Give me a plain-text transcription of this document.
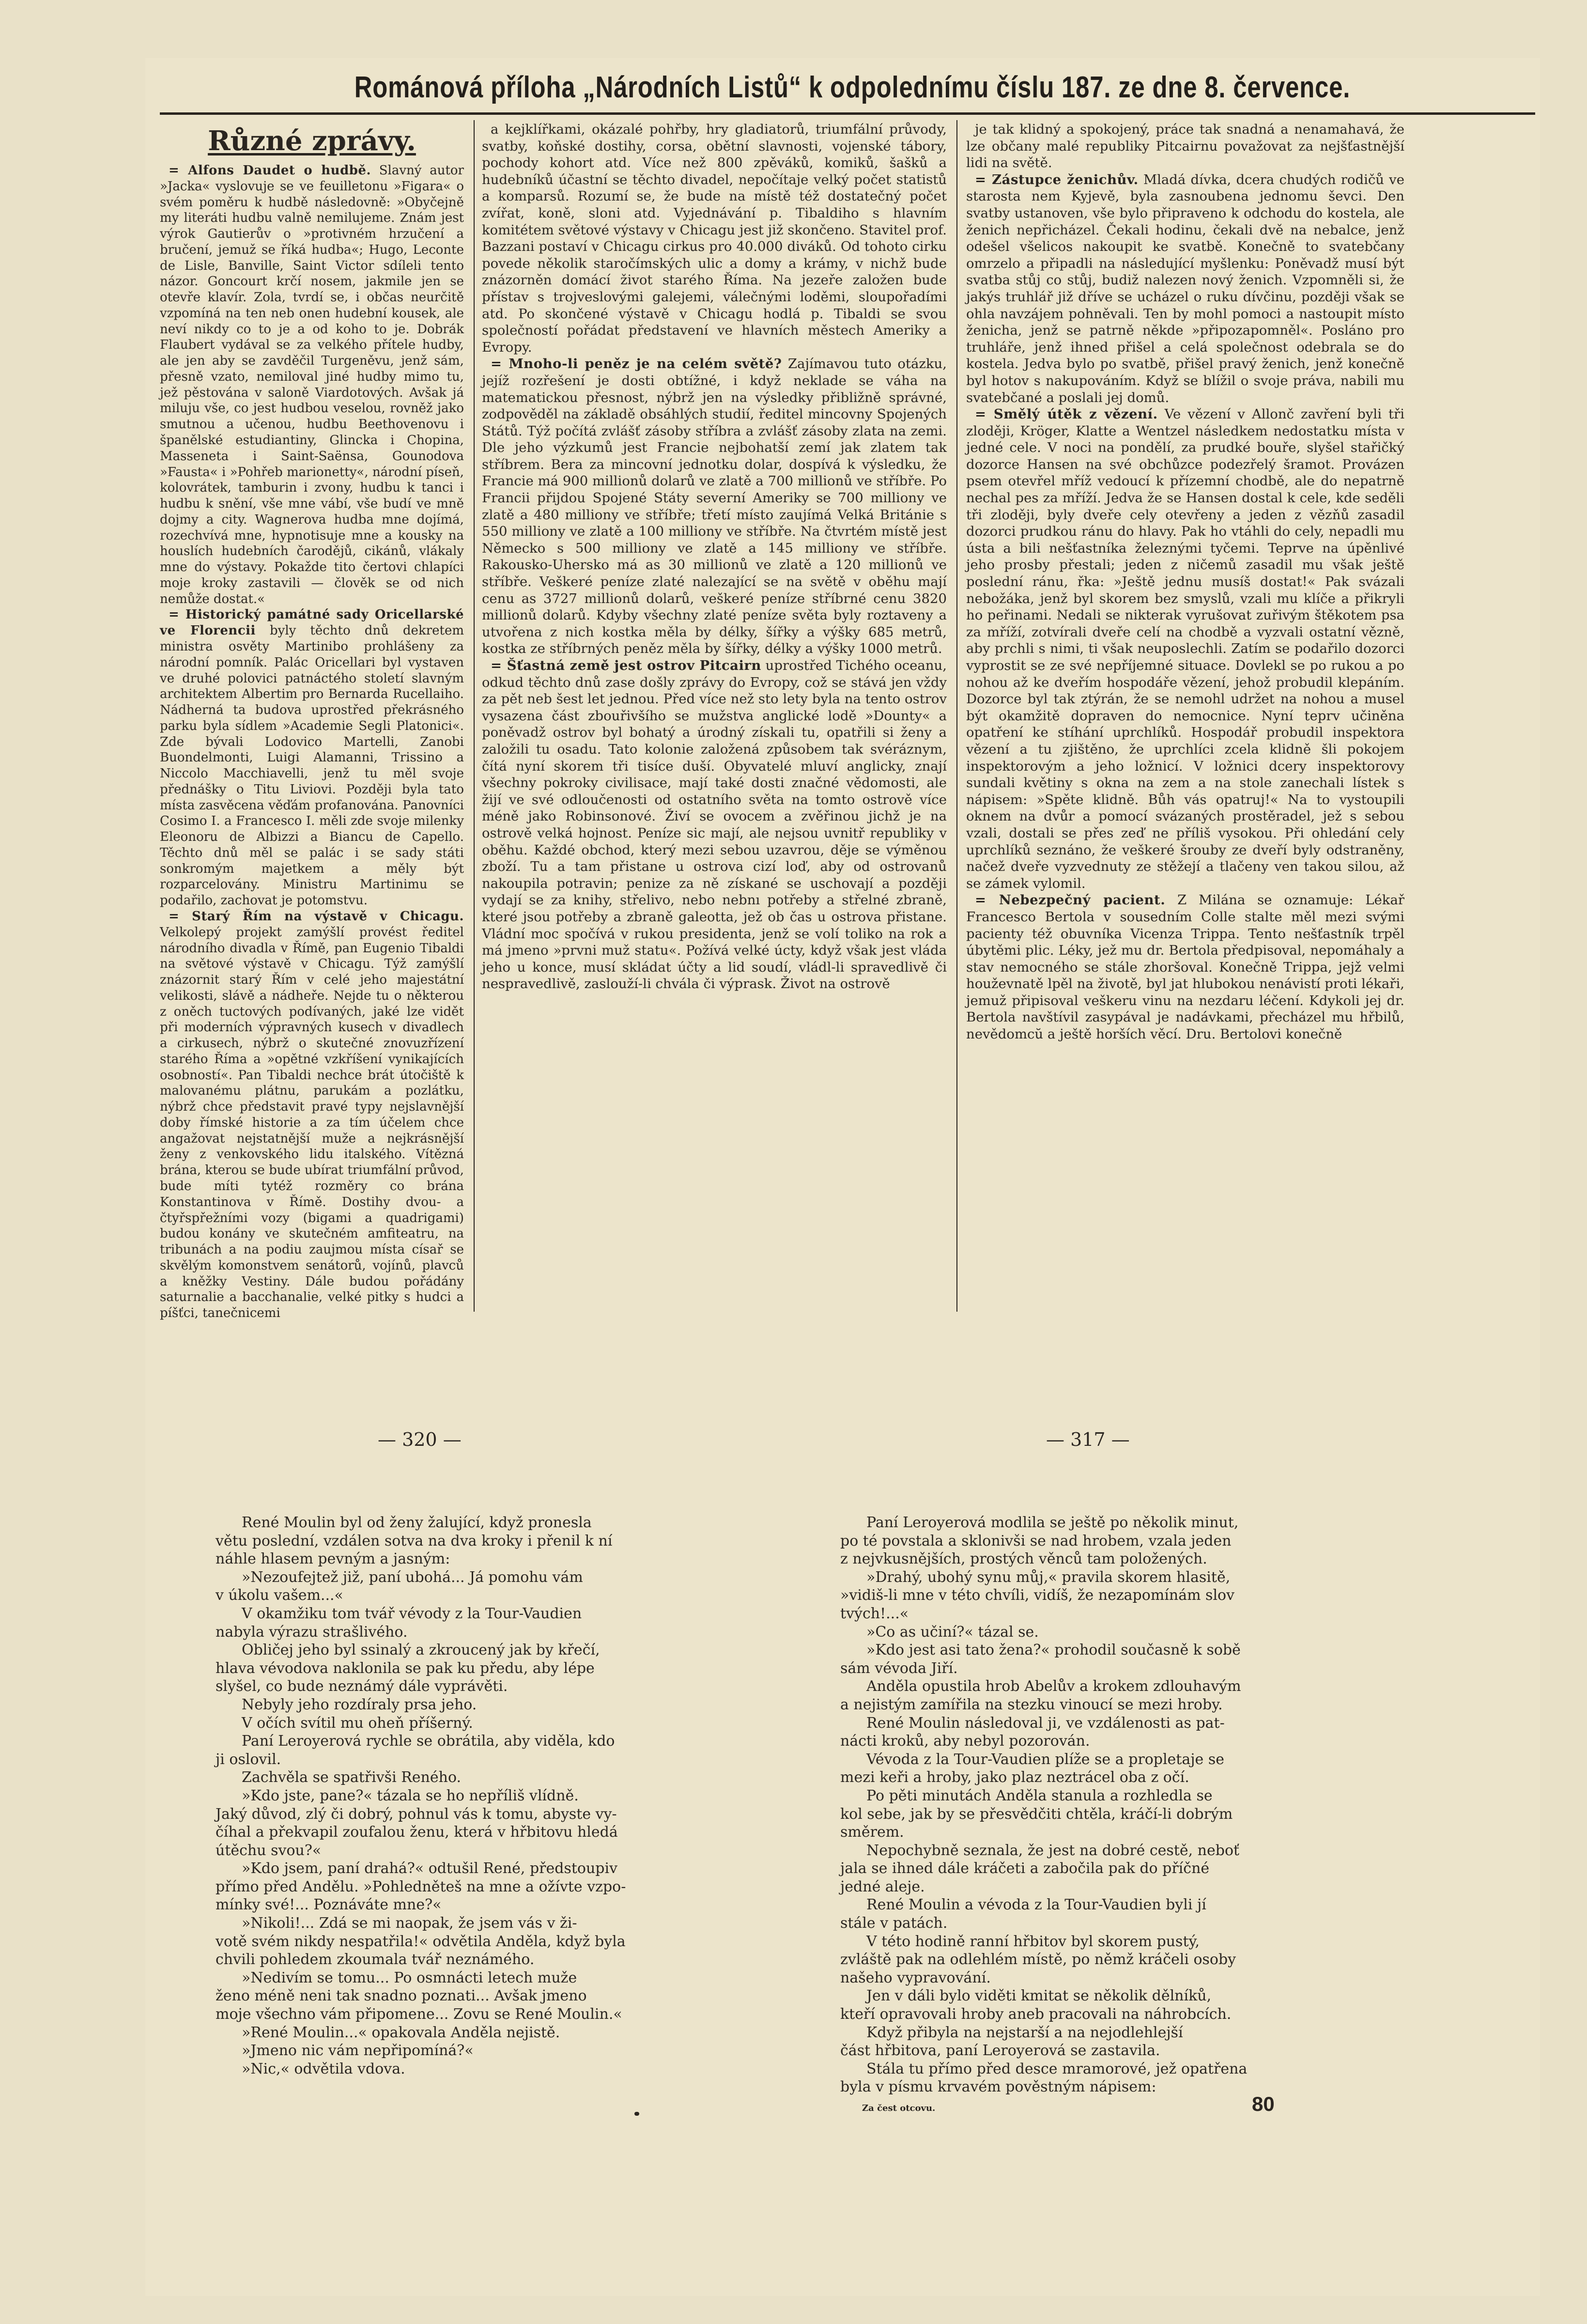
Románová příloha „Národních Listů“ k odpolednímu číslu 187. ze dne 8. července.
Různé zprávy.

= Alfons Daudet o hudbě. Slavný autor »Jacka« vyslovuje se ve feuilletonu »Figara« o svém poměru k hudbě následovně: »Obyčejně my literáti hudbu valně nemilujeme. Znám jest výrok Gautierův o »protivném hrzučení a bručení, jemuž se říká hudba«; Hugo, Leconte de Lisle, Banville, Saint Victor sdíleli tento názor. Goncourt krčí nosem, jakmile jen se otevře klavír. Zola, tvrdí se, i občas neurčitě vzpomíná na ten neb onen hudební kousek, ale neví nikdy co to je a od koho to je. Dobrák Flaubert vydával se za velkého přítele hudby, ale jen aby se zavděčil Turgeněvu, jenž sám, přesně vzato, nemiloval jiné hudby mimo tu, jež pěstována v saloně Viardotových. Avšak já miluju vše, co jest hudbou veselou, rovněž jako smutnou a učenou, hudbu Beethovenovu i španělské estudiantiny, Glincka i Chopina, Masseneta i Saint-Saënsa, Gounodova »Fausta« i »Pohřeb marionetty«, národní píseň, kolovrátek, tamburin i zvony, hudbu k tanci i hudbu k snění, vše mne vábí, vše budí ve mně dojmy a city. Wagnerova hudba mne dojímá, rozechvívá mne, hypnotisuje mne a kousky na houslích hudebních čarodějů, cikánů, vlákaly mne do výstavy. Pokažde tito čertovi chlapíci moje kroky zastavili — člověk se od nich nemůže dostat.«

= Historický památné sady Oricellarské ve Florencii byly těchto dnů dekretem ministra osvěty Martinibo prohlášeny za národní pomník. Palác Oricellari byl vystaven ve druhé polovici patnáctého století slavným architektem Albertim pro Bernarda Rucellaiho. Nádherná ta budova uprostřed překrásného parku byla sídlem »Academie Segli Platonici«. Zde bývali Lodovico Martelli, Zanobi Buondelmonti, Luigi Alamanni, Trissino a Niccolo Macchiavelli, jenž tu měl svoje přednášky o Titu Liviovi. Později byla tato místa zasvěcena věďám profanovánа. Panovníci Cosimo I. a Francesco I. měli zde svoje milenky Eleonoru de Albizzi a Biancu de Capello. Těchto dnů měl se palác i se sady státi sonkromým majetkem a měly být rozparcelovány. Ministru Martinimu se podařilo, zachovat je potomstvu.

= Starý Řím na výstavě v Chicagu. Velkolepý projekt zamýšlí provést ředitel národního divadla v Římě, pan Eugenio Tibaldi na světové výstavě v Chicagu. Týž zamýšlí znázornit starý Řím v celé jeho majestátní velikosti, slávě a nádheře. Nejde tu o některou z oněch tuctových podívaných, jaké lze vidět při moderních výpravných kusech v divadlech a cirkusech, nýbrž o skutečné znovuzřízení starého Říma a »opětné vzkříšení vynikajících osobností«. Pan Tibaldi nechce brát útočiště k malovanému plátnu, parukám a pozlátku, nýbrž chce představit pravé typy nejslavnější doby římské historie a za tím účelem chce angažovat nejstatnější muže a nejkrásnější ženy z venkovského lidu italského. Vítězná brána, kterou se bude ubírat triumfální průvod, bude míti tytéž rozměry co brána Konstantinova v Římě. Dostihy dvou- a čtyřspřežními vozy (bigami a quadrigami) budou konány ve skutečném amfiteatru, na tribunách a na podiu zaujmou místa císař se skvělým komonstvem senátorů, vojínů, plavců a kněžky Vestiny. Dále budou pořádány saturnalie a bacchanalie, velké pitky s hudci a píšťci, tanečnicemi

a kejklířkami, okázalé pohřby, hry gladiatorů, triumfální průvody, svatby, koňské dostihy, corsa, obětní slavnosti, vojenské tábory, pochody kohort atd. Více než 800 zpěváků, komiků, šašků a hudebníků účastní se těchto divadel, nepočítaje velký počet statistů a komparsů. Rozumí se, že bude na místě též dostatečný počet zvířat, koně, sloni atd. Vyjednávání p. Tibaldiho s hlavním komitétem světové výstavy v Chicagu jest již skončeno. Stavitel prof. Bazzani postaví v Chicagu cirkus pro 40.000 diváků. Od tohoto cirku povede několik staročímských ulic a domy a krámy, v nichž bude znázorněn domácí život starého Říma. Na jezeře založen bude přístav s trojveslovými galejemi, válečnými loděmi, sloupořadími atd. Po skončené výstavě v Chicagu hodlá p. Tibaldi se svou společností pořádat představení ve hlavních městech Ameriky a Evropy.

= Mnoho-li peněz je na celém světě? Zajímavou tuto otázku, jejíž rozřešení je dosti obtížné, i když neklade se váha na matematickou přesnost, nýbrž jen na výsledky přibližně správné, zodpověděl na základě obsáhlých studií, ředitel mincovny Spojených Států. Týž počítá zvlášť zásoby stříbra a zvlášť zásoby zlata na zemi. Dle jeho výzkumů jest Francie nejbohatší zemí jak zlatem tak stříbrem. Bera za mincovní jednotku dolar, dospívá k výsledku, že Francie má 900 millionů dolarů ve zlatě a 700 millionů ve stříbře. Po Francii přijdou Spojené Státy severní Ameriky se 700 milliony ve zlatě a 480 milliony ve stříbře; třetí místo zaujímá Velká Británie s 550 milliony ve zlatě a 100 milliony ve stříbře. Na čtvrtém místě jest Německo s 500 milliony ve zlatě a 145 milliony ve stříbře. Rakousko-Uhersko má as 30 millionů ve zlatě a 120 millionů ve stříbře. Veškeré peníze zlaté nalezající se na světě v oběhu mají cenu as 3727 millionů dolarů, veškeré peníze stříbrné cenu 3820 millionů dolarů. Kdyby všechny zlaté peníze světa byly roztaveny a utvořena z nich kostka měla by délky, šířky a výšky 685 metrů, kostka ze stříbrných peněz měla by šířky, délky a výšky 1000 metrů.

= Šťastná země jest ostrov Pitcairn uprostřed Tichého oceanu, odkud těchto dnů zase došly zprávy do Evropy, což se stává jen vždy za pět neb šest let jednou. Před více než sto lety byla na tento ostrov vysazena část zbouřivšího se mužstva anglické lodě »Dounty« a poněvadž ostrov byl bohatý a úrodný získali tu, opatřili si ženy a založili tu osadu. Tato kolonie založená způsobem tak svéráznym, čítá nyní skorem tři tisíce duší. Obyvatelé mluví anglicky, znají všechny pokroky civilisace, mají také dosti značné vědomosti, ale žijí ve své odloučenosti od ostatního světa na tomto ostrově více méně jako Robinsonové. Živí se ovocem a zvěřinou jichž je na ostrově velká hojnost. Peníze sic mají, ale nejsou uvnitř republiky v oběhu. Každé obchod, který mezi sebou uzavrou, děje se výměnou zboží. Tu a tam přistane u ostrova cizí loď, aby od ostrovanů nakoupila potravin; penize za ně získané se uschovají a později vydají se za knihy, střelivo, nebo nebnı potřeby a střelné zbraně, které jsou potřeby a zbraně galeotta, jež ob čas u ostrova přistane. Vládní moc spočívá v rukou presidenta, jenž se volí toliko na rok a má jmeno »prvni muž statu«. Požívá velké úcty, když však jest vláda jeho u konce, musí skládat účty a lid soudí, vládl-li spravedlivě či nespravedlivě, zaslouží-li chvála či výprask. Život na ostrově

je tak klidný a spokojený, práce tak snadná a nenamahavá, že lze občany malé republiky Pitcairnu považovat za nejšťastnější lidi na světě.

= Zástupce ženichův. Mladá dívka, dcera chudých rodičů ve starosta nem Kyjevě, byla zasnoubena jednomu ševci. Den svatby ustanoven, vše bylo připraveno k odchodu do kostela, ale ženich nepřicházel. Čekali hodinu, čekali dvě na nebalce, jenž odešel všelicos nakoupit ke svatbě. Konečně to svatebčany omrzelo a připadli na následující myšlenku: Poněvadž musí být svatba stůj co stůj, budiž nalezen nový ženich. Vzpomněli si, že jakýs truhlář již dříve se ucházel o ruku dívčinu, později však se ohla navzájem pohněvali. Ten by mohl pomoci a nastoupit místo ženicha, jenž se patrně někde »připozapomněl«. Poslánо pro truhláře, jenž ihned přišel a celá společnost odebrala se do kostela. Jedva bylo po svatbě, přišel pravý ženich, jenž konečně byl hotov s nakupováním. Když se blížil o svoje práva, nabili mu svatebčané a poslali jej domů.

= Smělý útěk z vězení. Ve vězení v Allonč zavření byli tři zloději, Kröger, Klatte a Wentzel následkem nedostatku místa v jedné cele. V noci na pondělí, za prudké bouře, slyšel stařičký dozorce Hansen na své obchůzce podezřelý šramot. Provázen psem otevřel mříž vedoucí k přízemní chodbě, ale do nepatrně nechal pes za mříží. Jedva že se Hansen dostal k cele, kde seděli tři zloději, byly dveře cely otevřeny a jeden z vězňů zasadil dozorci prudkou ránu do hlavy. Pak ho vtáhli do cely, nepadli mu ústa a bili nešťastníka železnými tyčemi. Teprve na úpěnlivé jeho prosby přestali; jeden z ničemů zasadil mu však ještě poslední ránu, řka: »Ještě jednu musíš dostat!« Pak svázali nebožáka, jenž byl skorem bez smyslů, vzali mu klíče a přikryli ho peřinami. Nedali se nikterak vyrušovat zuřivým štěkotem psa za mříží, zotvírali dveře celí na chodbě a vyzvali ostatní vězně, aby prchli s nimi, ti však neuposlechli. Zatím se podařilo dozorci vyprostit se ze své nepříjemné situace. Dovlekl se po rukou a po nohou až ke dveřím hospodáře vězení, jehož probudil klepáním. Dozorce byl tak ztýrán, že se nemohl udržet na nohou a musel být okamžitě dopraven do nemocnice. Nyní teprv učiněna opatření ke stíhání uprchlíků. Hospodář probudil inspektora vězení a tu zjištěno, že uprchlíci zcela klidně šli pokojem inspektorovým a jeho ložnicí. V ložnici dcery inspektorovy sundali květiny s okna na zem a na stole zanechali lístek s nápisem: »Spěte klidně. Bůh vás opatruj!« Na to vystoupili oknem na dvůr a pomocí svázaných prostěradel, jež s sebou vzali, dostali se přes zeď ne příliš vysokou. Při ohledání cely uprchlíků seznáno, že veškeré šrouby ze dveří byly odstraněny, načež dveře vyzvednuty ze stěžejí a tlačeny ven takou silou, až se zámek vylomil.

= Nebezpečný pacient. Z Milána se oznamuje: Lékař Francesco Bertola v sousedním Colle stalte měl mezi svými pacienty též obuvníka Vicenza Trippa. Tento nešťastník trpěl úbytěmi plic. Léky, jež mu dr. Bertola předpisoval, nepomáhaly a stav nemocného se stále zhoršoval. Konečně Trippa, jejž velmi houževnatě lpěl na životě, byl jat hlubokou nenávistí proti lékaři, jemuž připisoval veškeru vinu na nezdaru léčení. Kdykoli jej dr. Bertola navštívil zasypával je nadávkami, přecházel mu hřbilů, nevědomcŭ a ještě horších věcí. Dru. Bertolovi konečně

— 320 —	— 317 —

René Moulin byl od ženy žalující, když pronesla

větu poslední, vzdálen sotva na dva kroky i přenil k ní

náhle hlasem pevným a jasným:

»Nezoufejtež již, paní ubohá... Já pomohu vám

v úkolu vašem...«

V okamžiku tom tvář vévody z la Tour-Vaudien

nabyla výrazu strašlivého.

Obličej jeho byl ssinalý a zkroucený jak by křečí,

hlava vévodova naklonila se pak ku předu, aby lépe

slyšel, co bude neznámý dále vyprávěti.

Nebyly jeho rozdíraly prsa jeho.

V očích svítil mu oheň příšerný.

Paní Leroyerová rychle se obrátila, aby viděla, kdo

ji oslovil.

Zachvěla se spatřivši Reného.

»Kdo jste, pane?« tázala se ho nepříliš vlídně.

Jaký důvod, zlý či dobrý, pohnul vás k tomu, abyste vy-

číhal a překvapil zoufalou ženu, která v hřbitovu hledá

útěchu svou?«

»Kdo jsem, paní drahá?« odtušil René, předstoupiv

přímo před Andělu. »Pohledněteš na mne a ožívte vzpo-

mínky své!... Poznáváte mne?«

»Nikoli!... Zdá se mi naopak, že jsem vás v ži-

votě svém nikdy nespatřila!« odvětila Anděla, když byla

chvili pohledem zkoumala tvář neznámého.

»Nedivím se tomu... Po osmnácti letech muže

ženo méně neni tak snadno poznati... Avšak jmeno

moje všechno vám připomene... Zovu se René Moulin.«

»René Moulin...« opakovala Anděla nejistě.

»Jmeno nic vám nepřipomíná?«

»Nic,« odvětila vdova.

Paní Leroyerová modlila se ještě po několik minut,

po té povstala a sklonivši se nad hrobem, vzala jeden

z nejvkusnějších, prostých věnců tam položených.

»Drahý, ubohý synu můj,« pravila skorem hlasitě,

»vidiš-li mne v této chvíli, vidíš, že nezapomínám slov

tvých!...«

»Co as učiní?« tázal se.

»Kdo jest asi tato žena?« prohodil současně k sobě

sám vévoda Jiří.

Anděla opustila hrob Abelův a krokem zdlouhavým

a nejistým zamířila na stezku vinoucí se mezi hroby.

René Moulin následoval ji, ve vzdálenosti as pat-

nácti kroků, aby nebyl pozorován.

Vévoda z la Tour-Vaudien plíže se a propletaje se

mezi keři a hroby, jako plaz neztrácel oba z očí.

Po pěti minutách Anděla stanula a rozhledla se

kol sebe, jak by se přesvědčiti chtěla, kráčí-li dobrým

směrem.

Nepochybně seznala, že jest na dobré cestě, neboť

jala se ihned dále kráčeti a zabočila pak do příčné

jedné aleje.

René Moulin a vévoda z la Tour-Vaudien byli jí

stále v patách.

V této hodině ranní hřbitov byl skorem pustý,

zvláště pak na odlehlém místě, po němž kráčeli osoby

našeho vypravování.

Jen v dáli bylo viděti kmitat se několik dělníků,

kteří opravovali hroby aneb pracovali na náhrobcích.

Když přibyla na nejstarší a na nejodlehlejší

část hřbitova, paní Leroyerová se zastavila.

Stála tu přímo před desce mramorové, jež opatřena

byla v písmu krvavém pověstným nápisem:

Za čest otcovu.	80
